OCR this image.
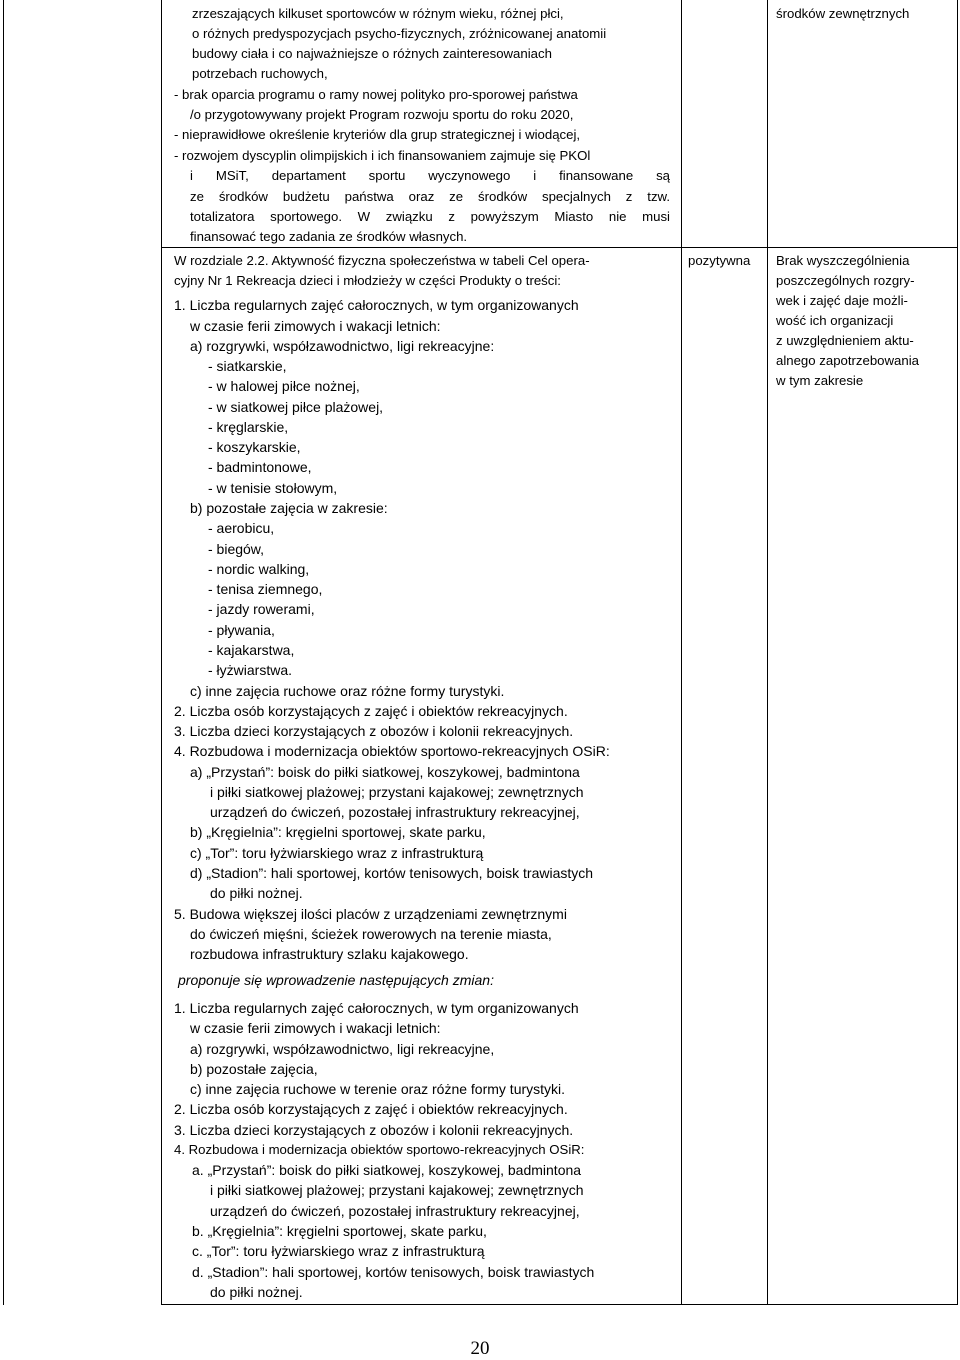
zrzeszających kilkuset sportowców w różnym wieku, różnej płci,
o różnych predyspozycjach psycho-fizycznych, zróżnicowanej anatomii
budowy ciała i co najważniejsze o różnych zainteresowaniach
potrzebach ruchowych,
- brak oparcia programu o ramy nowej polityko pro-sporowej państwa
/o przygotowywany projekt Program rozwoju sportu do roku 2020,
- nieprawidłowe określenie kryteriów dla grup strategicznej i wiodącej,
- rozwojem dyscyplin olimpijskich i ich finansowaniem zajmuje się PKOl
i MSiT, departament sportu wyczynowego i finansowane są
ze środków budżetu państwa oraz ze środków specjalnych z tzw.
totalizatora sportowego. W związku z powyższym Miasto nie musi
finansować tego zadania ze środków własnych.
środków zewnętrznych
W rozdziale 2.2. Aktywność fizyczna społeczeństwa w tabeli Cel opera-
cyjny Nr 1 Rekreacja dzieci i młodzieży w części Produkty o treści:
1. Liczba regularnych zajęć całorocznych, w tym organizowanych
w czasie ferii zimowych i wakacji letnich:
a) rozgrywki, współzawodnictwo, ligi rekreacyjne:
- siatkarskie,
- w halowej piłce nożnej,
- w siatkowej piłce plażowej,
- kręglarskie,
- koszykarskie,
- badmintonowe,
- w tenisie stołowym,
b) pozostałe zajęcia w zakresie:
- aerobicu,
- biegów,
- nordic walking,
- tenisa ziemnego,
- jazdy rowerami,
- pływania,
- kajakarstwa,
- łyżwiarstwa.
c) inne zajęcia ruchowe oraz różne formy turystyki.
2. Liczba osób korzystających z zajęć i obiektów rekreacyjnych.
3. Liczba dzieci korzystających z obozów i kolonii rekreacyjnych.
4. Rozbudowa i modernizacja obiektów sportowo-rekreacyjnych OSiR:
a) „Przystań”: boisk do piłki siatkowej, koszykowej, badmintona
i piłki siatkowej plażowej; przystani kajakowej; zewnętrznych
urządzeń do ćwiczeń, pozostałej infrastruktury rekreacyjnej,
b) „Kręgielnia”: kręgielni sportowej, skate parku,
c) „Tor”: toru łyżwiarskiego wraz z infrastrukturą
d) „Stadion”: hali sportowej, kortów tenisowych, boisk trawiastych
do piłki nożnej.
5. Budowa większej ilości placów z urządzeniami zewnętrznymi
do ćwiczeń mięśni, ścieżek rowerowych na terenie miasta,
rozbudowa infrastruktury szlaku kajakowego.
proponuje się wprowadzenie następujących zmian:
1. Liczba regularnych zajęć całorocznych, w tym organizowanych
w czasie ferii zimowych i wakacji letnich:
a) rozgrywki, współzawodnictwo, ligi rekreacyjne,
b) pozostałe zajęcia,
c) inne zajęcia ruchowe w terenie oraz różne formy turystyki.
2. Liczba osób korzystających z zajęć i obiektów rekreacyjnych.
3. Liczba dzieci korzystających z obozów i kolonii rekreacyjnych.
4. Rozbudowa i modernizacja obiektów sportowo-rekreacyjnych OSiR:
a. „Przystań”: boisk do piłki siatkowej, koszykowej, badmintona
i piłki siatkowej plażowej; przystani kajakowej; zewnętrznych
urządzeń do ćwiczeń, pozostałej infrastruktury rekreacyjnej,
b. „Kręgielnia”: kręgielni sportowej, skate parku,
c. „Tor”: toru łyżwiarskiego wraz z infrastrukturą
d. „Stadion”: hali sportowej, kortów tenisowych, boisk trawiastych
do piłki nożnej.
pozytywna Brak wyszczególnienia
poszczególnych rozgry-
wek i zajęć daje możli-
wość ich organizacji
z uwzględnieniem aktu-
alnego zapotrzebowania
w tym zakresie
20
